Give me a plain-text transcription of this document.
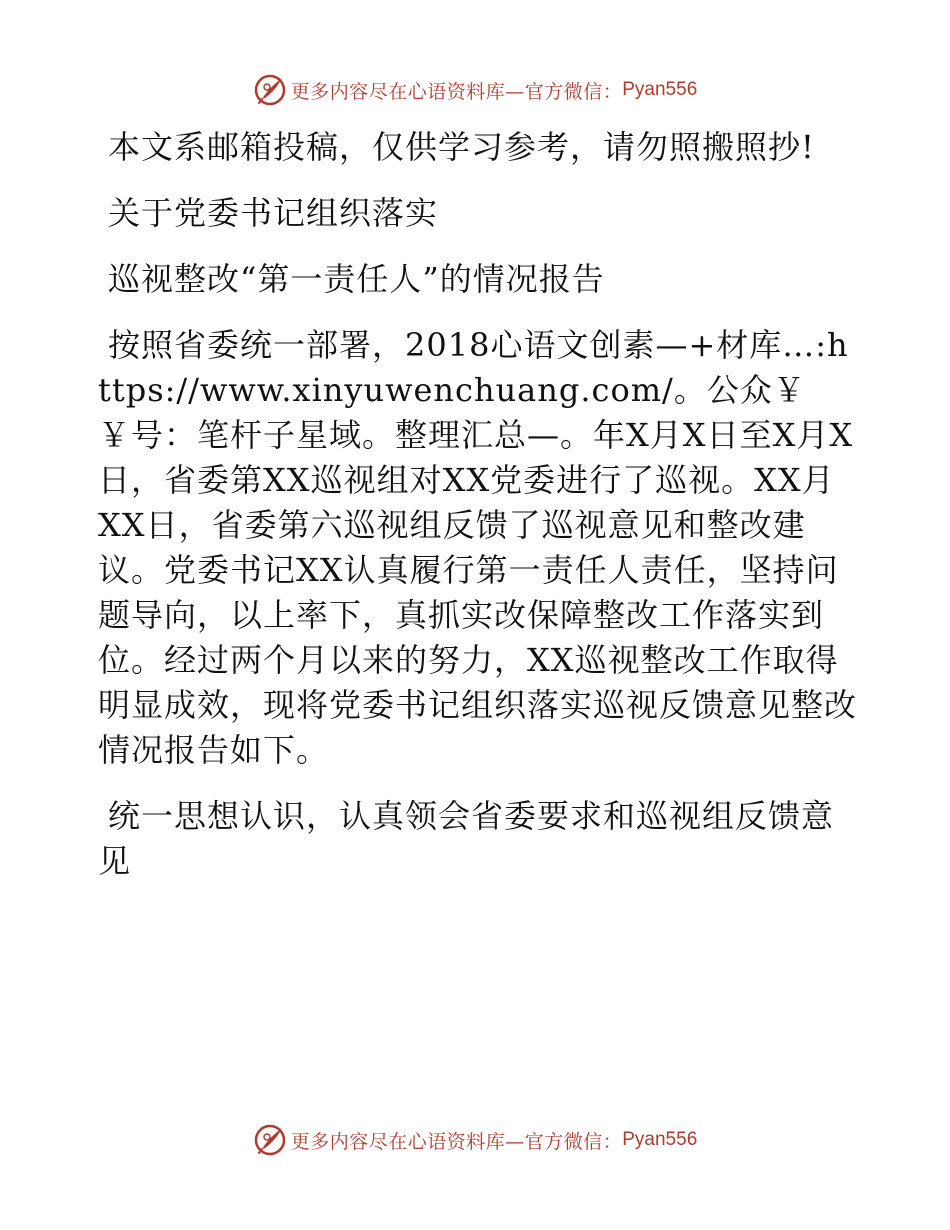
更多内容尽在心语资料库—官方微信： Pyan556

本文系邮箱投稿，仅供学习参考，请勿照搬照抄!

关于党委书记组织落实

巡视整改“第一责任人”的情况报告

按照省委统一部署，2018心语文创素—+材库…:https://www.xinyuwenchuang.com/。公众￥￥号：笔杆子星域。整理汇总—。年X月X日至X月X日，省委第XX巡视组对XX党委进行了巡视。XX月XX日，省委第六巡视组反馈了巡视意见和整改建议。党委书记XX认真履行第一责任人责任，坚持问题导向，以上率下，真抓实改保障整改工作落实到位。经过两个月以来的努力，XX巡视整改工作取得明显成效，现将党委书记组织落实巡视反馈意见整改情况报告如下。

统一思想认识，认真领会省委要求和巡视组反馈意见

更多内容尽在心语资料库—官方微信： Pyan556
